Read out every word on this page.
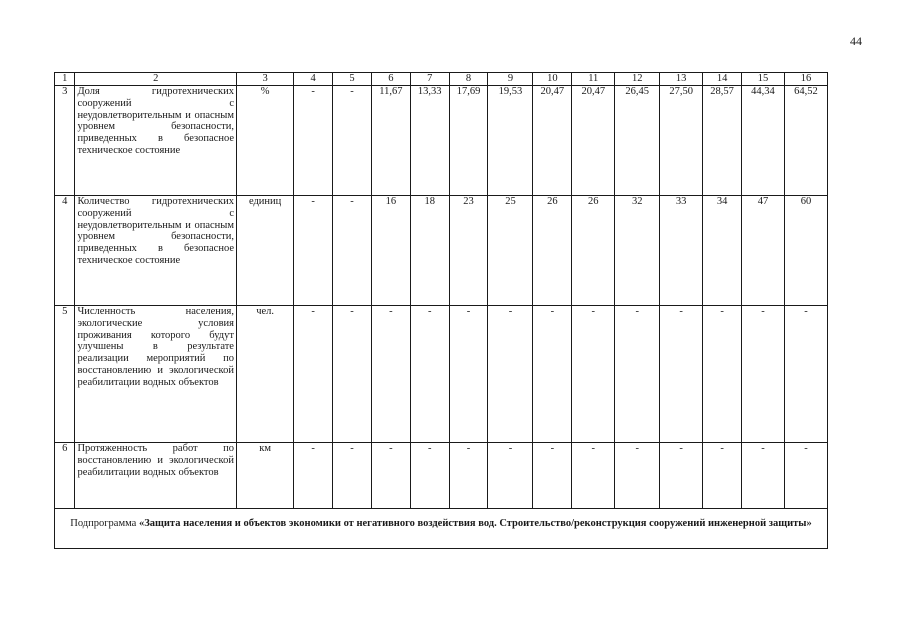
44
1	2	3	4	5	6	7	8	9	10	11	12	13	14	15	16
3	Доля гидротехнических сооружений с неудовлетворительным и опасным уровнем безопасности, приведенных в безопасное техническое состояние	%	-	-	11,67	13,33	17,69	19,53	20,47	20,47	26,45	27,50	28,57	44,34	64,52
4	Количество гидротехнических сооружений с неудовлетворительным и опасным уровнем безопасности, приведенных в безопасное техническое состояние	единиц	-	-	16	18	23	25	26	26	32	33	34	47	60
5	Численность населения, экологические условия проживания которого будут улучшены в результате реализации мероприятий по восстановлению и экологической реабилитации водных объектов	чел.	-	-	-	-	-	-	-	-	-	-	-	-	-
6	Протяженность работ по восстановлению и экологической реабилитации водных объектов	км	-	-	-	-	-	-	-	-	-	-	-	-	-
Подпрограмма «Защита населения и объектов экономики от негативного воздействия вод. Строительство/реконструкция сооружений инженерной защиты»															
